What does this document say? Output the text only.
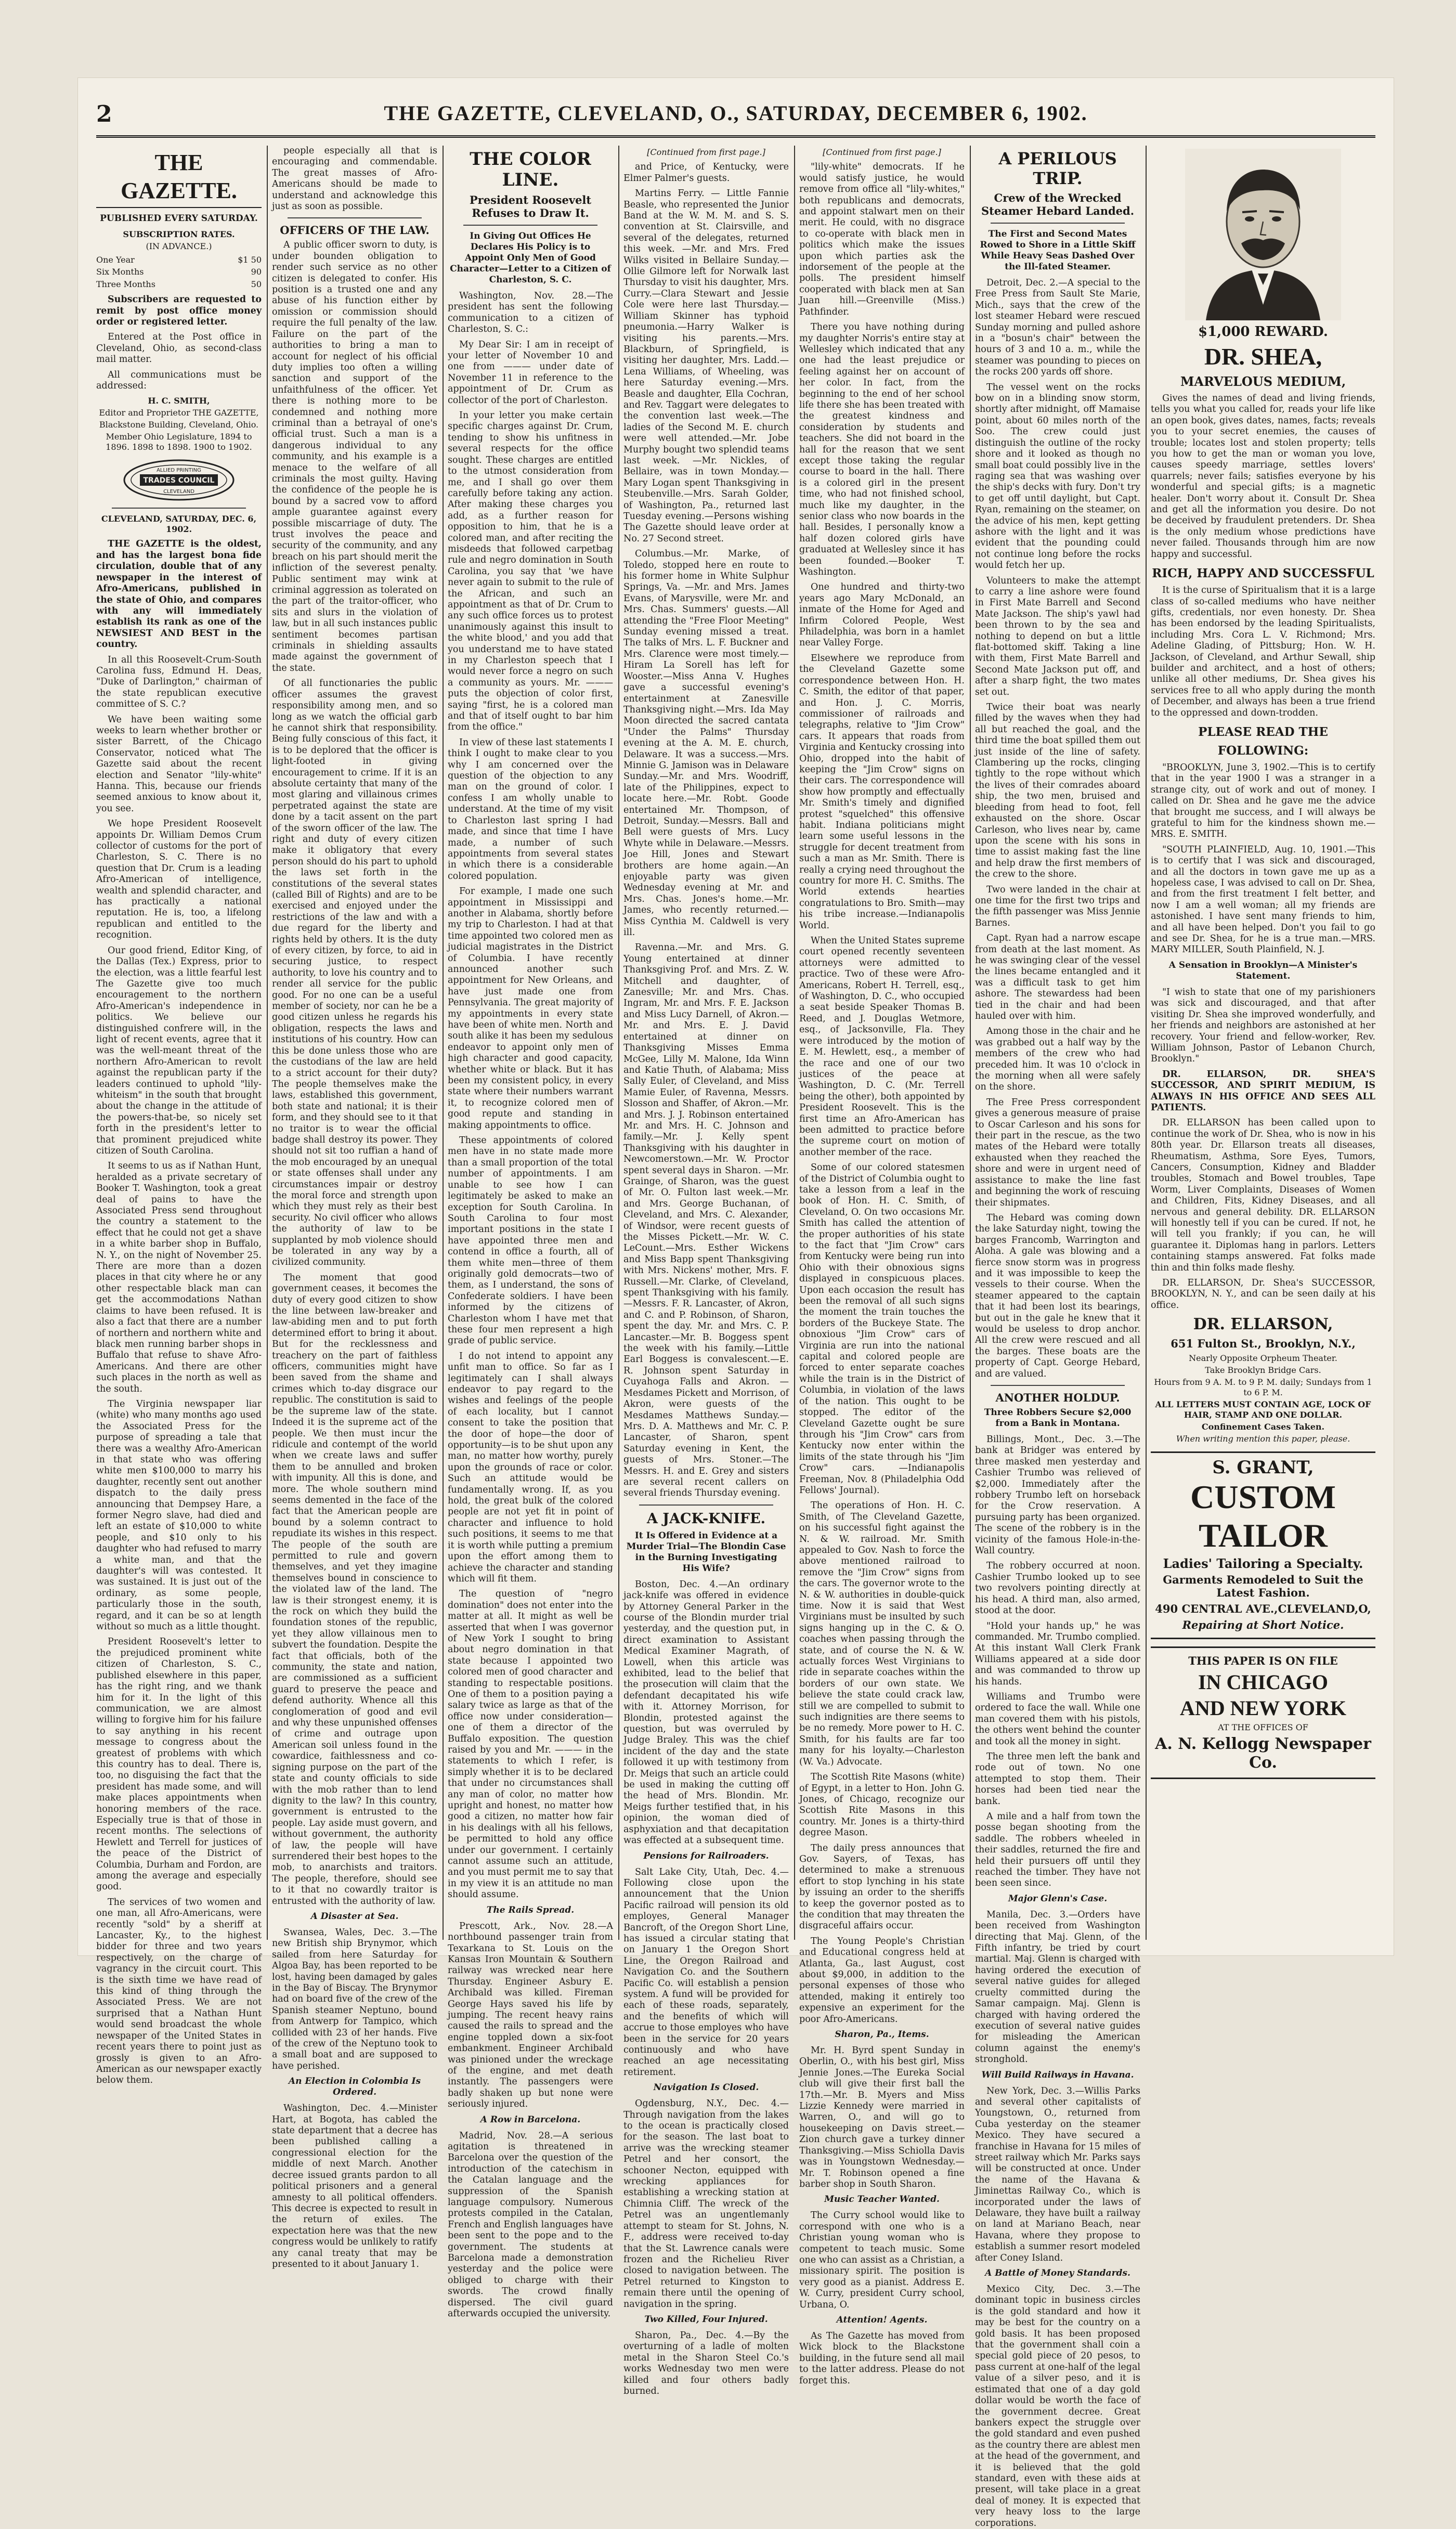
2	THE GAZETTE, CLEVELAND, O., SATURDAY, DECEMBER 6, 1902.
THE GAZETTE.
PUBLISHED EVERY SATURDAY.
SUBSCRIPTION RATES.
(IN ADVANCE.)
One Year	$1 50
Six Months	90
Three Months	50

Subscribers are requested to remit by post office money order or registered letter.

Entered at the Post office in Cleveland, Ohio, as second-class mail matter.

All communications must be addressed:

H. C. SMITH,
Editor and Proprietor THE GAZETTE,
Blackstone Building, Cleveland, Ohio.
Member Ohio Legislature, 1894 to 1896. 1898 to 1898. 1900 to 1902.
TRADES COUNCIL
ALLIED PRINTING
CLEVELAND
CLEVELAND, SATURDAY, DEC. 6, 1902.

THE GAZETTE is the oldest, and has the largest bona fide circulation, double that of any newspaper in the interest of Afro-Americans, published in the state of Ohio, and compares with any will immediately establish its rank as one of the NEWSIEST AND BEST in the country.

In all this Roosevelt-Crum-South Carolina fuss, Edmund H. Deas, "Duke of Darlington," chairman of the state republican executive committee of S. C.?

We have been waiting some weeks to learn whether brother or sister Barrett, of the Chicago Conservator, noticed what The Gazette said about the recent election and Senator "lily-white" Hanna. This, because our friends seemed anxious to know about it, you see.

We hope President Roosevelt appoints Dr. William Demos Crum collector of customs for the port of Charleston, S. C. There is no question that Dr. Crum is a leading Afro-American of intelligence, wealth and splendid character, and has practically a national reputation. He is, too, a lifelong republican and entitled to the recognition.

Our good friend, Editor King, of the Dallas (Tex.) Express, prior to the election, was a little fearful lest The Gazette give too much encouragement to the northern Afro-American's independence in politics. We believe our distinguished confrere will, in the light of recent events, agree that it was the well-meant threat of the northern Afro-American to revolt against the republican party if the leaders continued to uphold "lily-whiteism" in the south that brought about the change in the attitude of the powers-that-be, so nicely set forth in the president's letter to that prominent prejudiced white citizen of South Carolina.

It seems to us as if Nathan Hunt, heralded as a private secretary of Booker T. Washington, took a great deal of pains to have the Associated Press send throughout the country a statement to the effect that he could not get a shave in a white barber shop in Buffalo, N. Y., on the night of November 25. There are more than a dozen places in that city where he or any other respectable black man can get the accommodations Nathan claims to have been refused. It is also a fact that there are a number of northern and northern white and black men running barber shops in Buffalo that refuse to shave Afro-Americans. And there are other such places in the north as well as the south.

The Virginia newspaper liar (white) who many months ago used the Associated Press for the purpose of spreading a tale that there was a wealthy Afro-American in that state who was offering white men $100,000 to marry his daughter, recently sent out another dispatch to the daily press announcing that Dempsey Hare, a former Negro slave, had died and left an estate of $10,000 to white people, and $10 only to his daughter who had refused to marry a white man, and that the daughter's will was contested. It was sustained. It is just out of the ordinary, as some people, particularly those in the south, regard, and it can be so at length without so much as a little thought.

President Roosevelt's letter to the prejudiced prominent white citizen of Charleston, S. C., published elsewhere in this paper, has the right ring, and we thank him for it. In the light of this communication, we are almost willing to forgive him for his failure to say anything in his recent message to congress about the greatest of problems with which this country has to deal. There is, too, no disguising the fact that the president has made some, and will make places appointments when honoring members of the race. Especially true is that of those in recent months. The selections of Hewlett and Terrell for justices of the peace of the District of Columbia, Durham and Fordon, are among the average and especially good.

The services of two women and one man, all Afro-Americans, were recently "sold" by a sheriff at Lancaster, Ky., to the highest bidder for three and two years respectively, on the charge of vagrancy in the circuit court. This is the sixth time we have read of this kind of thing through the Associated Press. We are not surprised that a Nathan Hunt would send broadcast the whole newspaper of the United States in recent years there to point just as grossly is given to an Afro-American as our newspaper exactly below them.

people especially all that is encouraging and commendable. The great masses of Afro-Americans should be made to understand and acknowledge this just as soon as possible.

OFFICERS OF THE LAW.

A public officer sworn to duty, is under bounden obligation to render such service as no other citizen is delegated to confer. His position is a trusted one and any abuse of his function either by omission or commission should require the full penalty of the law. Failure on the part of the authorities to bring a man to account for neglect of his official duty implies too often a willing sanction and support of the unfaithfulness of the officer. Yet there is nothing more to be condemned and nothing more criminal than a betrayal of one's official trust. Such a man is a dangerous individual to any community, and his example is a menace to the welfare of all criminals the most guilty. Having the confidence of the people he is bound by a sacred vow to afford ample guarantee against every possible miscarriage of duty. The trust involves the peace and security of the community, and any breach on his part should merit the infliction of the severest penalty. Public sentiment may wink at criminal aggression as tolerated on the part of the traitor-officer, who sits and slurs in the violation of law, but in all such instances public sentiment becomes partisan criminals in shielding assaults made against the government of the state.

Of all functionaries the public officer assumes the gravest responsibility among men, and so long as we watch the official garb he cannot shirk that responsibility. Being fully conscious of this fact, it is to be deplored that the officer is light-footed in giving encouragement to crime. If it is an absolute certainty that many of the most glaring and villainous crimes perpetrated against the state are done by a tacit assent on the part of the sworn officer of the law. The right and duty of every citizen make it obligatory that every person should do his part to uphold the laws set forth in the constitutions of the several states (called Bill of Rights) and are to be exercised and enjoyed under the restrictions of the law and with a due regard for the liberty and rights held by others. It is the duty of every citizen, by force, to aid in securing justice, to respect authority, to love his country and to render all service for the public good. For no one can be a useful member of society, nor can he be a good citizen unless he regards his obligation, respects the laws and institutions of his country. How can this be done unless those who are the custodians of the law are held to a strict account for their duty? The people themselves make the laws, established this government, both state and national; it is their form, and they should see to it that no traitor is to wear the official badge shall destroy its power. They should not sit too ruffian a hand of the mob encouraged by an unequal or state offenses shall under any circumstances impair or destroy the moral force and strength upon which they must rely as their best security. No civil officer who allows the authority of law to be supplanted by mob violence should be tolerated in any way by a civilized community.

The moment that good government ceases, it becomes the duty of every good citizen to show the line between law-breaker and law-abiding men and to put forth determined effort to bring it about. But for the recklessness and treachery on the part of faithless officers, communities might have been saved from the shame and crimes which to-day disgrace our republic. The constitution is said to be the supreme law of the state. Indeed it is the supreme act of the people. We then must incur the ridicule and contempt of the world when we create laws and suffer them to be annulled and broken with impunity. All this is done, and more. The whole southern mind seems demented in the face of the fact that the American people are bound by a solemn contract to repudiate its wishes in this respect. The people of the south are permitted to rule and govern themselves, and yet they imagine themselves bound in conscience to the violated law of the land. The law is their strongest enemy, it is the rock on which they build the foundation stones of the republic, yet they allow villainous men to subvert the foundation. Despite the fact that officials, both of the community, the state and nation, are commissioned as a sufficient guard to preserve the peace and defend authority. Whence all this conglomeration of good and evil and why these unpunished offenses of crime and outrage upon American soil unless found in the cowardice, faithlessness and co-signing purpose on the part of the state and county officials to side with the mob rather than to lend dignity to the law? In this country, government is entrusted to the people. Lay aside must govern, and without government, the authority of law, the people will have surrendered their best hopes to the mob, to anarchists and traitors. The people, therefore, should see to it that no cowardly traitor is entrusted with the authority of law.

A Disaster at Sea.

Swansea, Wales, Dec. 3.—The new British ship Brynymor, which sailed from here Saturday for Algoa Bay, has been reported to be lost, having been damaged by gales in the Bay of Biscay. The Brynymor had on board five of the crew of the Spanish steamer Neptuno, bound from Antwerp for Tampico, which collided with 23 of her hands. Five of the crew of the Neptuno took to a small boat and are supposed to have perished.

An Election in Colombia Is Ordered.

Washington, Dec. 4.—Minister Hart, at Bogota, has cabled the state department that a decree has been published calling a congressional election for the middle of next March. Another decree issued grants pardon to all political prisoners and a general amnesty to all political offenders. This decree is expected to result in the return of exiles. The expectation here was that the new congress would be unlikely to ratify any canal treaty that may be presented to it about January 1.

THE COLOR LINE.
President Roosevelt Refuses to Draw It.
In Giving Out Offices He Declares His Policy is to Appoint Only Men of Good Character—Letter to a Citizen of Charleston, S. C.

Washington, Nov. 28.—The president has sent the following communication to a citizen of Charleston, S. C.:

My Dear Sir: I am in receipt of your letter of November 10 and one from ——— under date of November 11 in reference to the appointment of Dr. Crum as collector of the port of Charleston.

In your letter you make certain specific charges against Dr. Crum, tending to show his unfitness in several respects for the office sought. These charges are entitled to the utmost consideration from me, and I shall go over them carefully before taking any action. After making these charges you add, as a further reason for opposition to him, that he is a colored man, and after reciting the misdeeds that followed carpetbag rule and negro domination in South Carolina, you say that 'we have never again to submit to the rule of the African, and such an appointment as that of Dr. Crum to any such office forces us to protest unanimously against this insult to the white blood,' and you add that you understand me to have stated in my Charleston speech that I would never force a negro on such a community as yours. Mr. ——— puts the objection of color first, saying "first, he is a colored man and that of itself ought to bar him from the office."

In view of these last statements I think I ought to make clear to you why I am concerned over the question of the objection to any man on the ground of color. I confess I am wholly unable to understand. At the time of my visit to Charleston last spring I had made, and since that time I have made, a number of such appointments from several states in which there is a considerable colored population.

For example, I made one such appointment in Mississippi and another in Alabama, shortly before my trip to Charleston. I had at that time appointed two colored men as judicial magistrates in the District of Columbia. I have recently announced another such appointment for New Orleans, and have just made one from Pennsylvania. The great majority of my appointments in every state have been of white men. North and south alike it has been my sedulous endeavor to appoint only men of high character and good capacity, whether white or black. But it has been my consistent policy, in every state where their numbers warrant it, to recognize colored men of good repute and standing in making appointments to office.

These appointments of colored men have in no state made more than a small proportion of the total number of appointments. I am unable to see how I can legitimately be asked to make an exception for South Carolina. In South Carolina to four most important positions in the state I have appointed three men and contend in office a fourth, all of them white men—three of them originally gold democrats—two of them, as I understand, the sons of Confederate soldiers. I have been informed by the citizens of Charleston whom I have met that these four men represent a high grade of public service.

I do not intend to appoint any unfit man to office. So far as I legitimately can I shall always endeavor to pay regard to the wishes and feelings of the people of each locality, but I cannot consent to take the position that the door of hope—the door of opportunity—is to be shut upon any man, no matter how worthy, purely upon the grounds of race or color. Such an attitude would be fundamentally wrong. If, as you hold, the great bulk of the colored people are not yet fit in point of character and influence to hold such positions, it seems to me that it is worth while putting a premium upon the effort among them to achieve the character and standing which will fit them.

The question of "negro domination" does not enter into the matter at all. It might as well be asserted that when I was governor of New York I sought to bring about negro domination in that state because I appointed two colored men of good character and standing to respectable positions. One of them to a position paying a salary twice as large as that of the office now under consideration—one of them a director of the Buffalo exposition. The question raised by you and Mr. ——— in the statements to which I refer, is simply whether it is to be declared that under no circumstances shall any man of color, no matter how upright and honest, no matter how good a citizen, no matter how fair in his dealings with all his fellows, be permitted to hold any office under our government. I certainly cannot assume such an attitude, and you must permit me to say that in my view it is an attitude no man should assume.

The Rails Spread.

Prescott, Ark., Nov. 28.—A northbound passenger train from Texarkana to St. Louis on the Kansas Iron Mountain & Southern railway was wrecked near here Thursday. Engineer Asbury E. Archibald was killed. Fireman George Hays saved his life by jumping. The recent heavy rains caused the rails to spread and the engine toppled down a six-foot embankment. Engineer Archibald was pinioned under the wreckage of the engine, and met death instantly. The passengers were badly shaken up but none were seriously injured.

A Row in Barcelona.

Madrid, Nov. 28.—A serious agitation is threatened in Barcelona over the question of the introduction of the catechism in the Catalan language and the suppression of the Spanish language compulsory. Numerous protests compiled in the Catalan, French and English languages have been sent to the pope and to the government. The students at Barcelona made a demonstration yesterday and the police were obliged to charge with their swords. The crowd finally dispersed. The civil guard afterwards occupied the university.

[Continued from first page.]

and Price, of Kentucky, were Elmer Palmer's guests.

Martins Ferry. — Little Fannie Beasle, who represented the Junior Band at the W. M. M. and S. S. convention at St. Clairsville, and several of the delegates, returned this week. —Mr. and Mrs. Fred Wilks visited in Bellaire Sunday.—Ollie Gilmore left for Norwalk last Thursday to visit his daughter, Mrs. Curry.—Clara Stewart and Jessie Cole were here last Thursday.—William Skinner has typhoid pneumonia.—Harry Walker is visiting his parents.—Mrs. Blackburn, of Springfield, is visiting her daughter, Mrs. Ladd.—Lena Williams, of Wheeling, was here Saturday evening.—Mrs. Beasle and daughter, Ella Cochran, and Rev. Taggart were delegates to the convention last week.—The ladies of the Second M. E. church were well attended.—Mr. Jobe Murphy bought two splendid teams last week. —Mr. Nickles, of Bellaire, was in town Monday.—Mary Logan spent Thanksgiving in Steubenville.—Mrs. Sarah Golder, of Washington, Pa., returned last Tuesday evening.—Persons wishing The Gazette should leave order at No. 27 Second street.

Columbus.—Mr. Marke, of Toledo, stopped here en route to his former home in White Sulphur Springs, Va. —Mr. and Mrs. James Evans, of Marysville, were Mr. and Mrs. Chas. Summers' guests.—All attending the "Free Floor Meeting" Sunday evening missed a treat. The talks of Mrs. L. F. Buckner and Mrs. Clarence were most timely.—Hiram La Sorell has left for Wooster.—Miss Anna V. Hughes gave a successful evening's entertainment at Zanesville Thanksgiving night.—Mrs. Ida May Moon directed the sacred cantata "Under the Palms" Thursday evening at the A. M. E. church, Delaware. It was a success.—Mrs. Minnie G. Jamison was in Delaware Sunday.—Mr. and Mrs. Woodriff, late of the Philippines, expect to locate here.—Mr. Robt. Goode entertained Mr. Thompson, of Detroit, Sunday.—Messrs. Ball and Bell were guests of Mrs. Lucy Whyte while in Delaware.—Messrs. Joe Hill, Jones and Stewart brothers are home again.—An enjoyable party was given Wednesday evening at Mr. and Mrs. Chas. Jones's home.—Mr. James, who recently returned.—Miss Cynthia M. Caldwell is very ill.

Ravenna.—Mr. and Mrs. G. Young entertained at dinner Thanksgiving Prof. and Mrs. Z. W. Mitchell and daughter, of Zanesville; Mr. and Mrs. Chas. Ingram, Mr. and Mrs. F. E. Jackson and Miss Lucy Darnell, of Akron.—Mr. and Mrs. E. J. David entertained at dinner on Thanksgiving Misses Emma McGee, Lilly M. Malone, Ida Winn and Katie Thuth, of Alabama; Miss Sally Euler, of Cleveland, and Miss Mamie Euler, of Ravenna, Messrs. Slosson and Shaffer, of Akron.—Mr. and Mrs. J. J. Robinson entertained Mr. and Mrs. H. C. Johnson and family.—Mr. J. Kelly spent Thanksgiving with his daughter in Newcomerstown.—Mr. W. Proctor spent several days in Sharon. —Mr. Grainge, of Sharon, was the guest of Mr. O. Fulton last week.—Mr. and Mrs. George Buchanan, of Cleveland, and Mrs. C. Alexander, of Windsor, were recent guests of the Misses Pickett.—Mr. W. C. LeCount.—Mrs. Esther Wickens and Miss Bapp spent Thanksgiving with Mrs. Nickens' mother, Mrs. F. Russell.—Mr. Clarke, of Cleveland, spent Thanksgiving with his family.—Messrs. F. R. Lancaster, of Akron, and C. and P. Robinson, of Sharon, spent the day. Mr. and Mrs. C. P. Lancaster.—Mr. B. Boggess spent the week with his family.—Little Earl Boggess is convalescent.—E. R. Johnson spent Saturday in Cuyahoga Falls and Akron. —Mesdames Pickett and Morrison, of Akron, were guests of the Mesdames Matthews Sunday.—Mrs. D. A. Matthews and Mr. C. P. Lancaster, of Sharon, spent Saturday evening in Kent, the guests of Mrs. Stoner.—The Messrs. H. and E. Grey and sisters are several recent callers on several friends Thursday evening.

A JACK-KNIFE.
It Is Offered in Evidence at a Murder Trial—The Blondin Case in the Burning Investigating His Wife?

Boston, Dec. 4.—An ordinary jack-knife was offered in evidence by Attorney General Parker in the course of the Blondin murder trial yesterday, and the question put, in direct examination to Assistant Medical Examiner Magrath, of Lowell, when this article was exhibited, lead to the belief that the prosecution will claim that the defendant decapitated his wife with it. Attorney Morrison, for Blondin, protested against the question, but was overruled by Judge Braley. This was the chief incident of the day and the state followed it up with testimony from Dr. Meigs that such an article could be used in making the cutting off the head of Mrs. Blondin. Mr. Meigs further testified that, in his opinion, the woman died of asphyxiation and that decapitation was effected at a subsequent time.

Pensions for Railroaders.

Salt Lake City, Utah, Dec. 4.—Following close upon the announcement that the Union Pacific railroad will pension its old employes, General Manager Bancroft, of the Oregon Short Line, has issued a circular stating that on January 1 the Oregon Short Line, the Oregon Railroad and Navigation Co. and the Southern Pacific Co. will establish a pension system. A fund will be provided for each of these roads, separately, and the benefits of which will accrue to those employes who have been in the service for 20 years continuously and who have reached an age necessitating retirement.

Navigation Is Closed.

Ogdensburg, N.Y., Dec. 4.—Through navigation from the lakes to the ocean is practically closed for the season. The last boat to arrive was the wrecking steamer Petrel and her consort, the schooner Necton, equipped with wrecking appliances for establishing a wrecking station at Chimnia Cliff. The wreck of the Petrel was an ungentlemanly attempt to steam for St. Johns, N. F., address were received to-day that the St. Lawrence canals were frozen and the Richelieu River closed to navigation between. The Petrel returned to Kingston to remain there until the opening of navigation in the spring.

Two Killed, Four Injured.

Sharon, Pa., Dec. 4.—By the overturning of a ladle of molten metal in the Sharon Steel Co.'s works Wednesday two men were killed and four others badly burned.

[Continued from first page.]

"lily-white" democrats. If he would satisfy justice, he would remove from office all "lily-whites," both republicans and democrats, and appoint stalwart men on their merit. He could, with no disgrace to co-operate with black men in politics which make the issues upon which parties ask the indorsement of the people at the polls. The president himself cooperated with black men at San Juan hill.—Greenville (Miss.) Pathfinder.

There you have nothing during my daughter Norris's entire stay at Wellesley which indicated that any one had the least prejudice or feeling against her on account of her color. In fact, from the beginning to the end of her school life there she has been treated with the greatest kindness and consideration by students and teachers. She did not board in the hall for the reason that we sent except those taking the regular course to board in the hall. There is a colored girl in the present time, who had not finished school, much like my daughter, in the senior class who now boards in the hall. Besides, I personally know a half dozen colored girls have graduated at Wellesley since it has been founded.—Booker T. Washington.

One hundred and thirty-two years ago Mary McDonald, an inmate of the Home for Aged and Infirm Colored People, West Philadelphia, was born in a hamlet near Valley Forge.

Elsewhere we reproduce from the Cleveland Gazette some correspondence between Hon. H. C. Smith, the editor of that paper, and Hon. J. C. Morris, commissioner of railroads and telegraphs, relative to "Jim Crow" cars. It appears that roads from Virginia and Kentucky crossing into Ohio, dropped into the habit of keeping the "Jim Crow" signs on their cars. The correspondence will show how promptly and effectually Mr. Smith's timely and dignified protest "squelched" this offensive habit. Indiana politicians might learn some useful lessons in the struggle for decent treatment from such a man as Mr. Smith. There is really a crying need throughout the country for more H. C. Smiths. The World extends hearties congratulations to Bro. Smith—may his tribe increase.—Indianapolis World.

When the United States supreme court opened recently seventeen attorneys were admitted to practice. Two of these were Afro-Americans, Robert H. Terrell, esq., of Washington, D. C., who occupied a seat beside Speaker Thomas B. Reed, and J. Douglas Wetmore, esq., of Jacksonville, Fla. They were introduced by the motion of E. M. Hewlett, esq., a member of the race and one of our two justices of the peace at Washington, D. C. (Mr. Terrell being the other), both appointed by President Roosevelt. This is the first time an Afro-American has been admitted to practice before the supreme court on motion of another member of the race.

Some of our colored statesmen of the District of Columbia ought to take a lesson from a leaf in the book of Hon. H. C. Smith, of Cleveland, O. On two occasions Mr. Smith has called the attention of the proper authorities of his state to the fact that "Jim Crow" cars from Kentucky were being run into Ohio with their obnoxious signs displayed in conspicuous places. Upon each occasion the result has been the removal of all such signs the moment the train touches the borders of the Buckeye State. The obnoxious "Jim Crow" cars of Virginia are run into the national capital and colored people are forced to enter separate coaches while the train is in the District of Columbia, in violation of the laws of the nation. This ought to be stopped. The editor of the Cleveland Gazette ought be sure through his "Jim Crow" cars from Kentucky now enter within the limits of the state through his "Jim Crow" cars. —Indianapolis Freeman, Nov. 8 (Philadelphia Odd Fellows' Journal).

The operations of Hon. H. C. Smith, of The Cleveland Gazette, on his successful fight against the N. & W. railroad. Mr. Smith appealed to Gov. Nash to force the above mentioned railroad to remove the "Jim Crow" signs from the cars. The governor wrote to the N. & W. authorities in double-quick time. Now it is said that West Virginians must be insulted by such signs hanging up in the C. & O. coaches when passing through the state, and of course the N. & W. actually forces West Virginians to ride in separate coaches within the borders of our own state. We believe the state could crack law, still we are compelled to submit to such indignities are there seems to be no remedy. More power to H. C. Smith, for his faults are far too many for his loyalty.—Charleston (W. Va.) Advocate.

The Scottish Rite Masons (white) of Egypt, in a letter to Hon. John G. Jones, of Chicago, recognize our Scottish Rite Masons in this country. Mr. Jones is a thirty-third degree Mason.

The daily press announces that Gov. Sayers, of Texas, has determined to make a strenuous effort to stop lynching in his state by issuing an order to the sheriffs to keep the governor posted as to the condition that may threaten the disgraceful affairs occur.

The Young People's Christian and Educational congress held at Atlanta, Ga., last August, cost about $9,000, in addition to the personal expenses of those who attended, making it entirely too expensive an experiment for the poor Afro-Americans.

Sharon, Pa., Items.

Mr. H. Byrd spent Sunday in Oberlin, O., with his best girl, Miss Jennie Jones.—The Eureka Social club will give their first ball the 17th.—Mr. B. Myers and Miss Lizzie Kennedy were married in Warren, O., and will go to housekeeping on Davis street.—Zion church gave a turkey dinner Thanksgiving.—Miss Schiolla Davis was in Youngstown Wednesday.—Mr. T. Robinson opened a fine barber shop in South Sharon.

Music Teacher Wanted.

The Curry school would like to correspond with one who is a Christian young woman who is competent to teach music. Some one who can assist as a Christian, a missionary spirit. The position is very good as a pianist. Address E. W. Curry, president Curry school, Urbana, O.

Attention! Agents.

As The Gazette has moved from Wick block to the Blackstone building, in the future send all mail to the latter address. Please do not forget this.

A PERILOUS TRIP.
Crew of the Wrecked Steamer Hebard Landed.
The First and Second Mates Rowed to Shore in a Little Skiff While Heavy Seas Dashed Over the Ill-fated Steamer.

Detroit, Dec. 2.—A special to the Free Press from Sault Ste Marie, Mich., says that the crew of the lost steamer Hebard were rescued Sunday morning and pulled ashore in a "bosun's chair" between the hours of 3 and 10 a. m., while the steamer was pounding to pieces on the rocks 200 yards off shore.

The vessel went on the rocks bow on in a blinding snow storm, shortly after midnight, off Mamaise point, about 60 miles north of the Soo. The crew could just distinguish the outline of the rocky shore and it looked as though no small boat could possibly live in the raging sea that was washing over the ship's decks with fury. Don't try to get off until daylight, but Capt. Ryan, remaining on the steamer, on the advice of his men, kept getting ashore with the light and it was evident that the pounding could not continue long before the rocks would fetch her up.

Volunteers to make the attempt to carry a line ashore were found in First Mate Barrell and Second Mate Jackson. The ship's yawl had been thrown to by the sea and nothing to depend on but a little flat-bottomed skiff. Taking a line with them, First Mate Barrell and Second Mate Jackson put off, and after a sharp fight, the two mates set out.

Twice their boat was nearly filled by the waves when they had all but reached the goal, and the third time the boat spilled them out just inside of the line of safety. Clambering up the rocks, clinging tightly to the rope without which the lives of their comrades aboard ship, the two men, bruised and bleeding from head to foot, fell exhausted on the shore. Oscar Carleson, who lives near by, came upon the scene with his sons in time to assist making fast the line and help draw the first members of the crew to the shore.

Two were landed in the chair at one time for the first two trips and the fifth passenger was Miss Jennie Barnes.

Capt. Ryan had a narrow escape from death at the last moment. As he was swinging clear of the vessel the lines became entangled and it was a difficult task to get him ashore. The stewardess had been tied in the chair and had been hauled over with him.

Among those in the chair and he was grabbed out a half way by the members of the crew who had preceded him. It was 10 o'clock in the morning when all were safely on the shore.

The Free Press correspondent gives a generous measure of praise to Oscar Carleson and his sons for their part in the rescue, as the two mates of the Hebard were totally exhausted when they reached the shore and were in urgent need of assistance to make the line fast and beginning the work of rescuing their shipmates.

The Hebard was coming down the lake Saturday night, towing the barges Francomb, Warrington and Aloha. A gale was blowing and a fierce snow storm was in progress and it was impossible to keep the vessels to their course. When the steamer appeared to the captain that it had been lost its bearings, but out in the gale he knew that it would be useless to drop anchor. All the crew were rescued and all the barges. These boats are the property of Capt. George Hebard, and are valued.

ANOTHER HOLDUP.
Three Robbers Secure $2,000 from a Bank in Montana.

Billings, Mont., Dec. 3.—The bank at Bridger was entered by three masked men yesterday and Cashier Trumbo was relieved of $2,000. Immediately after the robbery Trumbo left on horseback for the Crow reservation. A pursuing party has been organized. The scene of the robbery is in the vicinity of the famous Hole-in-the-Wall country.

The robbery occurred at noon. Cashier Trumbo looked up to see two revolvers pointing directly at his head. A third man, also armed, stood at the door.

"Hold your hands up," he was commanded. Mr. Trumbo complied. At this instant Wall Clerk Frank Williams appeared at a side door and was commanded to throw up his hands.

Williams and Trumbo were ordered to face the wall. While one man covered them with his pistols, the others went behind the counter and took all the money in sight.

The three men left the bank and rode out of town. No one attempted to stop them. Their horses had been tied near the bank.

A mile and a half from town the posse began shooting from the saddle. The robbers wheeled in their saddles, returned the fire and held their pursuers off until they reached the timber. They have not been seen since.

Major Glenn's Case.

Manila, Dec. 3.—Orders have been received from Washington directing that Maj. Glenn, of the Fifth infantry, be tried by court martial. Maj. Glenn is charged with having ordered the execution of several native guides for alleged cruelty committed during the Samar campaign. Maj. Glenn is charged with having ordered the execution of several native guides for misleading the American column against the enemy's stronghold.

Will Build Railways in Havana.

New York, Dec. 3.—Willis Parks and several other capitalists of Youngstown, O., returned from Cuba yesterday on the steamer Mexico. They have secured a franchise in Havana for 15 miles of street railway which Mr. Parks says will be constructed at once. Under the name of the Havana & Jiminettas Railway Co., which is incorporated under the laws of Delaware, they have built a railway on land at Mariano Beach, near Havana, where they propose to establish a summer resort modeled after Coney Island.

A Battle of Money Standards.

Mexico City, Dec. 3.—The dominant topic in business circles is the gold standard and how it may be best for the country on a gold basis. It has been proposed that the government shall coin a special gold piece of 20 pesos, to pass current at one-half of the legal value of a silver peso, and it is estimated that one of a day gold dollar would be worth the face of the government decree. Great bankers expect the struggle over the gold standard and even pushed as the country there are ablest men at the head of the government, and it is believed that the gold standard, even with these aids at present, will take place in a great deal of money. It is expected that very heavy loss to the large corporations.

$1,000 REWARD.
DR. SHEA,
MARVELOUS MEDIUM,

Gives the names of dead and living friends, tells you what you called for, reads your life like an open book, gives dates, names, facts; reveals you to your secret enemies, the causes of trouble; locates lost and stolen property; tells you how to get the man or woman you love, causes speedy marriage, settles lovers' quarrels; never fails; satisfies everyone by his wonderful and special gifts; is a magnetic healer. Don't worry about it. Consult Dr. Shea and get all the information you desire. Do not be deceived by fraudulent pretenders. Dr. Shea is the only medium whose predictions have never failed. Thousands through him are now happy and successful.

RICH, HAPPY AND SUCCESSFUL

It is the curse of Spiritualism that it is a large class of so-called mediums who have neither gifts, credentials, nor even honesty. Dr. Shea has been endorsed by the leading Spiritualists, including Mrs. Cora L. V. Richmond; Mrs. Adeline Glading, of Pittsburg; Hon. W. H. Jackson, of Cleveland, and Arthur Sewall, ship builder and architect, and a host of others; unlike all other mediums, Dr. Shea gives his services free to all who apply during the month of December, and always has been a true friend to the oppressed and down-trodden.

PLEASE READ THE FOLLOWING:

"BROOKLYN, June 3, 1902.—This is to certify that in the year 1900 I was a stranger in a strange city, out of work and out of money. I called on Dr. Shea and he gave me the advice that brought me success, and I will always be grateful to him for the kindness shown me.—MRS. E. SMITH.

"SOUTH PLAINFIELD, Aug. 10, 1901.—This is to certify that I was sick and discouraged, and all the doctors in town gave me up as a hopeless case, I was advised to call on Dr. Shea, and from the first treatment I felt better, and now I am a well woman; all my friends are astonished. I have sent many friends to him, and all have been helped. Don't you fail to go and see Dr. Shea, for he is a true man.—MRS. MARY MILLER, South Plainfield, N. J.

A Sensation in Brooklyn—A Minister's Statement.

"I wish to state that one of my parishioners was sick and discouraged, and that after visiting Dr. Shea she improved wonderfully, and her friends and neighbors are astonished at her recovery. Your friend and fellow-worker, Rev. William Johnson, Pastor of Lebanon Church, Brooklyn."

DR. ELLARSON, DR. SHEA'S SUCCESSOR, AND SPIRIT MEDIUM, IS ALWAYS IN HIS OFFICE AND SEES ALL PATIENTS.

DR. ELLARSON has been called upon to continue the work of Dr. Shea, who is now in his 80th year. Dr. Ellarson treats all diseases, Rheumatism, Asthma, Sore Eyes, Tumors, Cancers, Consumption, Kidney and Bladder troubles, Stomach and Bowel troubles, Tape Worm, Liver Complaints, Diseases of Women and Children, Fits, Kidney Diseases, and all nervous and general debility. DR. ELLARSON will honestly tell if you can be cured. If not, he will tell you frankly; if you can, he will guarantee it. Diplomas hang in parlors. Letters containing stamps answered. Fat folks made thin and thin folks made fleshy.

DR. ELLARSON, Dr. Shea's SUCCESSOR, BROOKLYN, N. Y., and can be seen daily at his office.

DR. ELLARSON,
651 Fulton St., Brooklyn, N.Y.,
Nearly Opposite Orpheum Theater.
Take Brooklyn Bridge Cars.
Hours from 9 A. M. to 9 P. M. daily; Sundays from 1 to 6 P. M.
ALL LETTERS MUST CONTAIN AGE, LOCK OF HAIR, STAMP AND ONE DOLLAR.
Confinement Cases Taken.
When writing mention this paper, please.
S. GRANT,
CUSTOM
TAILOR
Ladies' Tailoring a Specialty.
Garments Remodeled to Suit the Latest Fashion.
490 CENTRAL AVE.,CLEVELAND,O,
Repairing at Short Notice.
THIS PAPER IS ON FILE
IN CHICAGO
AND NEW YORK
AT THE OFFICES OF
A. N. Kellogg Newspaper Co.
